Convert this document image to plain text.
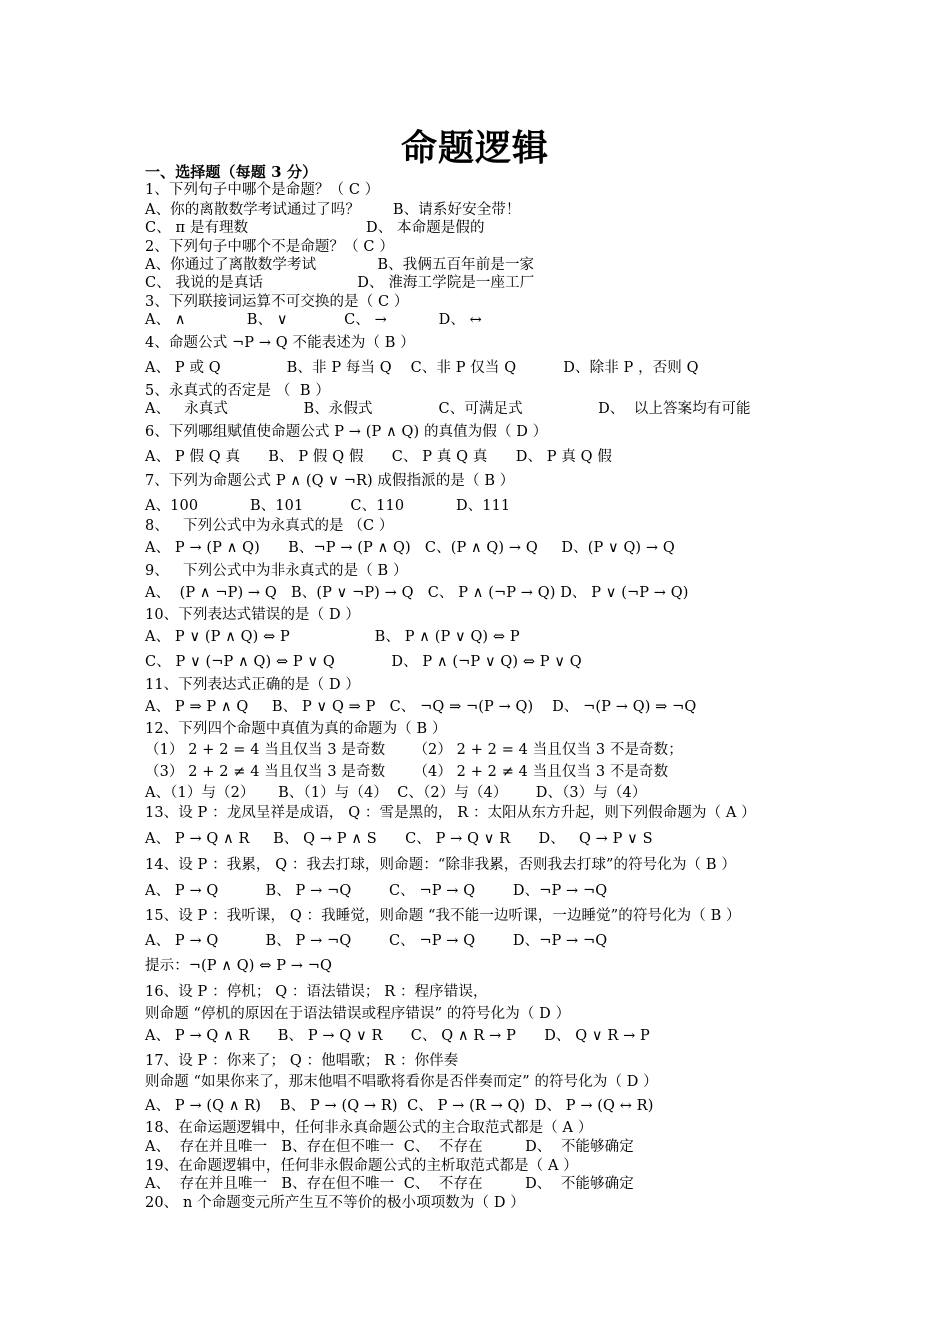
命题逻辑
一、选择题（每题 3 分）
1、下列句子中哪个是命题？（ C ）
A、你的离散数学考试通过了吗？       B、请系好安全带！
C、 π 是有理数                         D、 本命题是假的
2、下列句子中哪个不是命题？（ C ）
A、你通过了离散数学考试             B、我俩五百年前是一家
C、 我说的是真话                    D、 淮海工学院是一座工厂
3、下列联接词运算不可交换的是（ C ）
A、 ∧             B、 ∨            C、 →           D、 ↔
4、命题公式 ¬P → Q 不能表述为（ B ）
A、 P 或 Q              B、非 P 每当 Q    C、非 P 仅当 Q          D、除非 P ，否则 Q
5、永真式的否定是 （  B ）
A、   永真式                B、永假式              C、可满足式                D、  以上答案均有可能
6、下列哪组赋值使命题公式 P → (P ∧ Q) 的真值为假（ D ）
A、 P 假 Q 真      B、 P 假 Q 假      C、 P 真 Q 真      D、 P 真 Q 假
7、下列为命题公式 P ∧ (Q ∨ ¬R) 成假指派的是（ B ）
A、100           B、101          C、110           D、111
8、   下列公式中为永真式的是 （C ）
A、 P → (P ∧ Q)      B、¬P → (P ∧ Q)   C、(P ∧ Q) → Q     D、(P ∨ Q) → Q
9、   下列公式中为非永真式的是（ B ）
A、  (P ∧ ¬P) → Q   B、(P ∨ ¬P) → Q   C、 P ∧ (¬P → Q) D、 P ∨ (¬P → Q)
10、下列表达式错误的是（ D ）
A、 P ∨ (P ∧ Q) ⇔ P                  B、 P ∧ (P ∨ Q) ⇔ P
C、 P ∨ (¬P ∧ Q) ⇔ P ∨ Q            D、 P ∧ (¬P ∨ Q) ⇔ P ∨ Q
11、下列表达式正确的是（ D ）
A、 P ⇒ P ∧ Q     B、 P ∨ Q ⇒ P   C、 ¬Q ⇒ ¬(P → Q)    D、 ¬(P → Q) ⇒ ¬Q
12、下列四个命题中真值为真的命题为（ B ）
（1） 2 + 2 = 4 当且仅当 3 是奇数      （2） 2 + 2 = 4 当且仅当 3 不是奇数；
（3） 2 + 2 ≠ 4 当且仅当 3 是奇数      （4） 2 + 2 ≠ 4 当且仅当 3 不是奇数
A、（1）与（2）     B、（1）与（4）  C、（2）与（4）      D、（3）与（4）
13、设 P ：龙凤呈祥是成语， Q ：雪是黑的， R ：太阳从东方升起，则下列假命题为（ A ）
A、 P → Q ∧ R     B、 Q → P ∧ S      C、 P → Q ∨ R      D、   Q → P ∨ S
14、设 P ：我累， Q ：我去打球，则命题：“除非我累，否则我去打球”的符号化为（ B ）
A、 P → Q          B、 P → ¬Q        C、 ¬P → Q        D、¬P → ¬Q
15、设 P ：我听课， Q ：我睡觉，则命题 “我不能一边听课，一边睡觉”的符号化为（ B ）
A、 P → Q          B、 P → ¬Q        C、 ¬P → Q        D、¬P → ¬Q
提示：¬(P ∧ Q) ⇔ P → ¬Q
16、设 P ：停机； Q ：语法错误； R ：程序错误，
则命题 “停机的原因在于语法错误或程序错误” 的符号化为（ D ）
A、 P → Q ∧ R      B、 P → Q ∨ R      C、 Q ∧ R → P      D、 Q ∨ R → P
17、设 P ：你来了； Q ：他唱歌； R ：你伴奏
则命题 “如果你来了，那末他唱不唱歌将看你是否伴奏而定” 的符号化为（ D ）
A、 P → (Q ∧ R)    B、 P → (Q → R)  C、 P → (R → Q)  D、 P → (Q ↔ R)
18、在命运题逻辑中，任何非永真命题公式的主合取范式都是（ A ）
A、  存在并且唯一   B、存在但不唯一  C、  不存在         D、  不能够确定
19、在命题逻辑中，任何非永假命题公式的主析取范式都是（ A ）
A、  存在并且唯一   B、存在但不唯一  C、  不存在         D、  不能够确定
20、 n 个命题变元所产生互不等价的极小项项数为（ D ）
